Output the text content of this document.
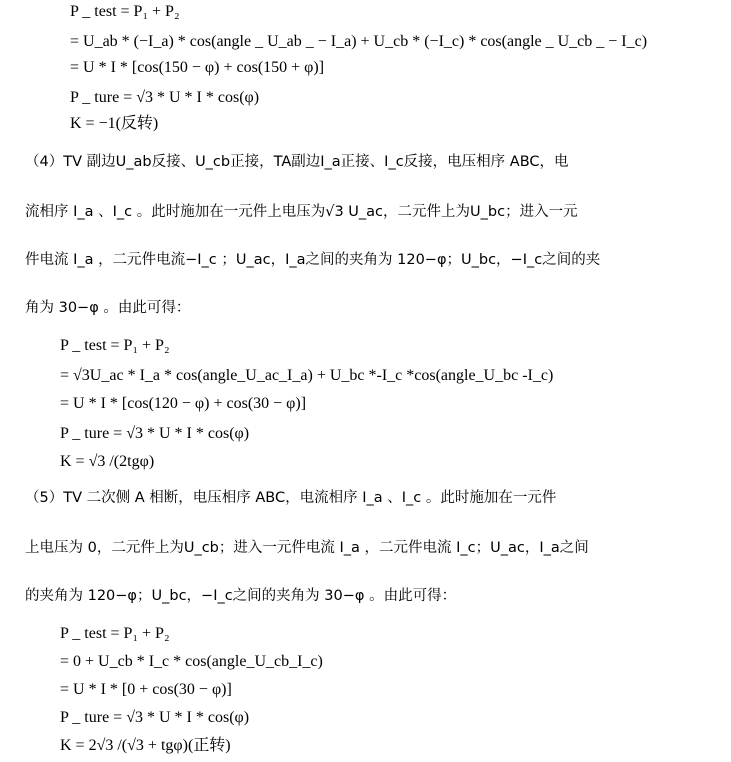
P _ test = P₁ + P₂
= U_ab * (−I_a) * cos(angle _ U_ab _ − I_a) + U_cb * (−I_c) * cos(angle _ U_cb _ − I_c)
= U * I * [cos(150 − φ) + cos(150 + φ)]
P _ ture = √3 * U * I * cos(φ)
K = −1(反转)
（4）TV 副边U_ab反接、U_cb正接，TA副边I_a正接、I_c反接，电压相序 ABC，电
流相序 I_a 、I_c 。此时施加在一元件上电压为√3 U_ac，二元件上为U_bc；进入一元
件电流 I_a ，二元件电流−I_c ；U_ac，I_a之间的夹角为 120−φ；U_bc，−I_c之间的夹
角为 30−φ 。由此可得：
P _ test = P₁ + P₂
= √3U_ac * I_a * cos(angle_U_ac_I_a) + U_bc *-I_c *cos(angle_U_bc -I_c)
= U * I * [cos(120 − φ) + cos(30 − φ)]
P _ ture = √3 * U * I * cos(φ)
K = √3 /(2tgφ)
（5）TV 二次侧 A 相断，电压相序 ABC，电流相序 I_a 、I_c 。此时施加在一元件
上电压为 0，二元件上为U_cb；进入一元件电流 I_a ，二元件电流 I_c；U_ac，I_a之间
的夹角为 120−φ；U_bc，−I_c之间的夹角为 30−φ 。由此可得：
P _ test = P₁ + P₂
= 0 + U_cb * I_c * cos(angle_U_cb_I_c)
= U * I * [0 + cos(30 − φ)]
P _ ture = √3 * U * I * cos(φ)
K = 2√3 /(√3 + tgφ)(正转)
